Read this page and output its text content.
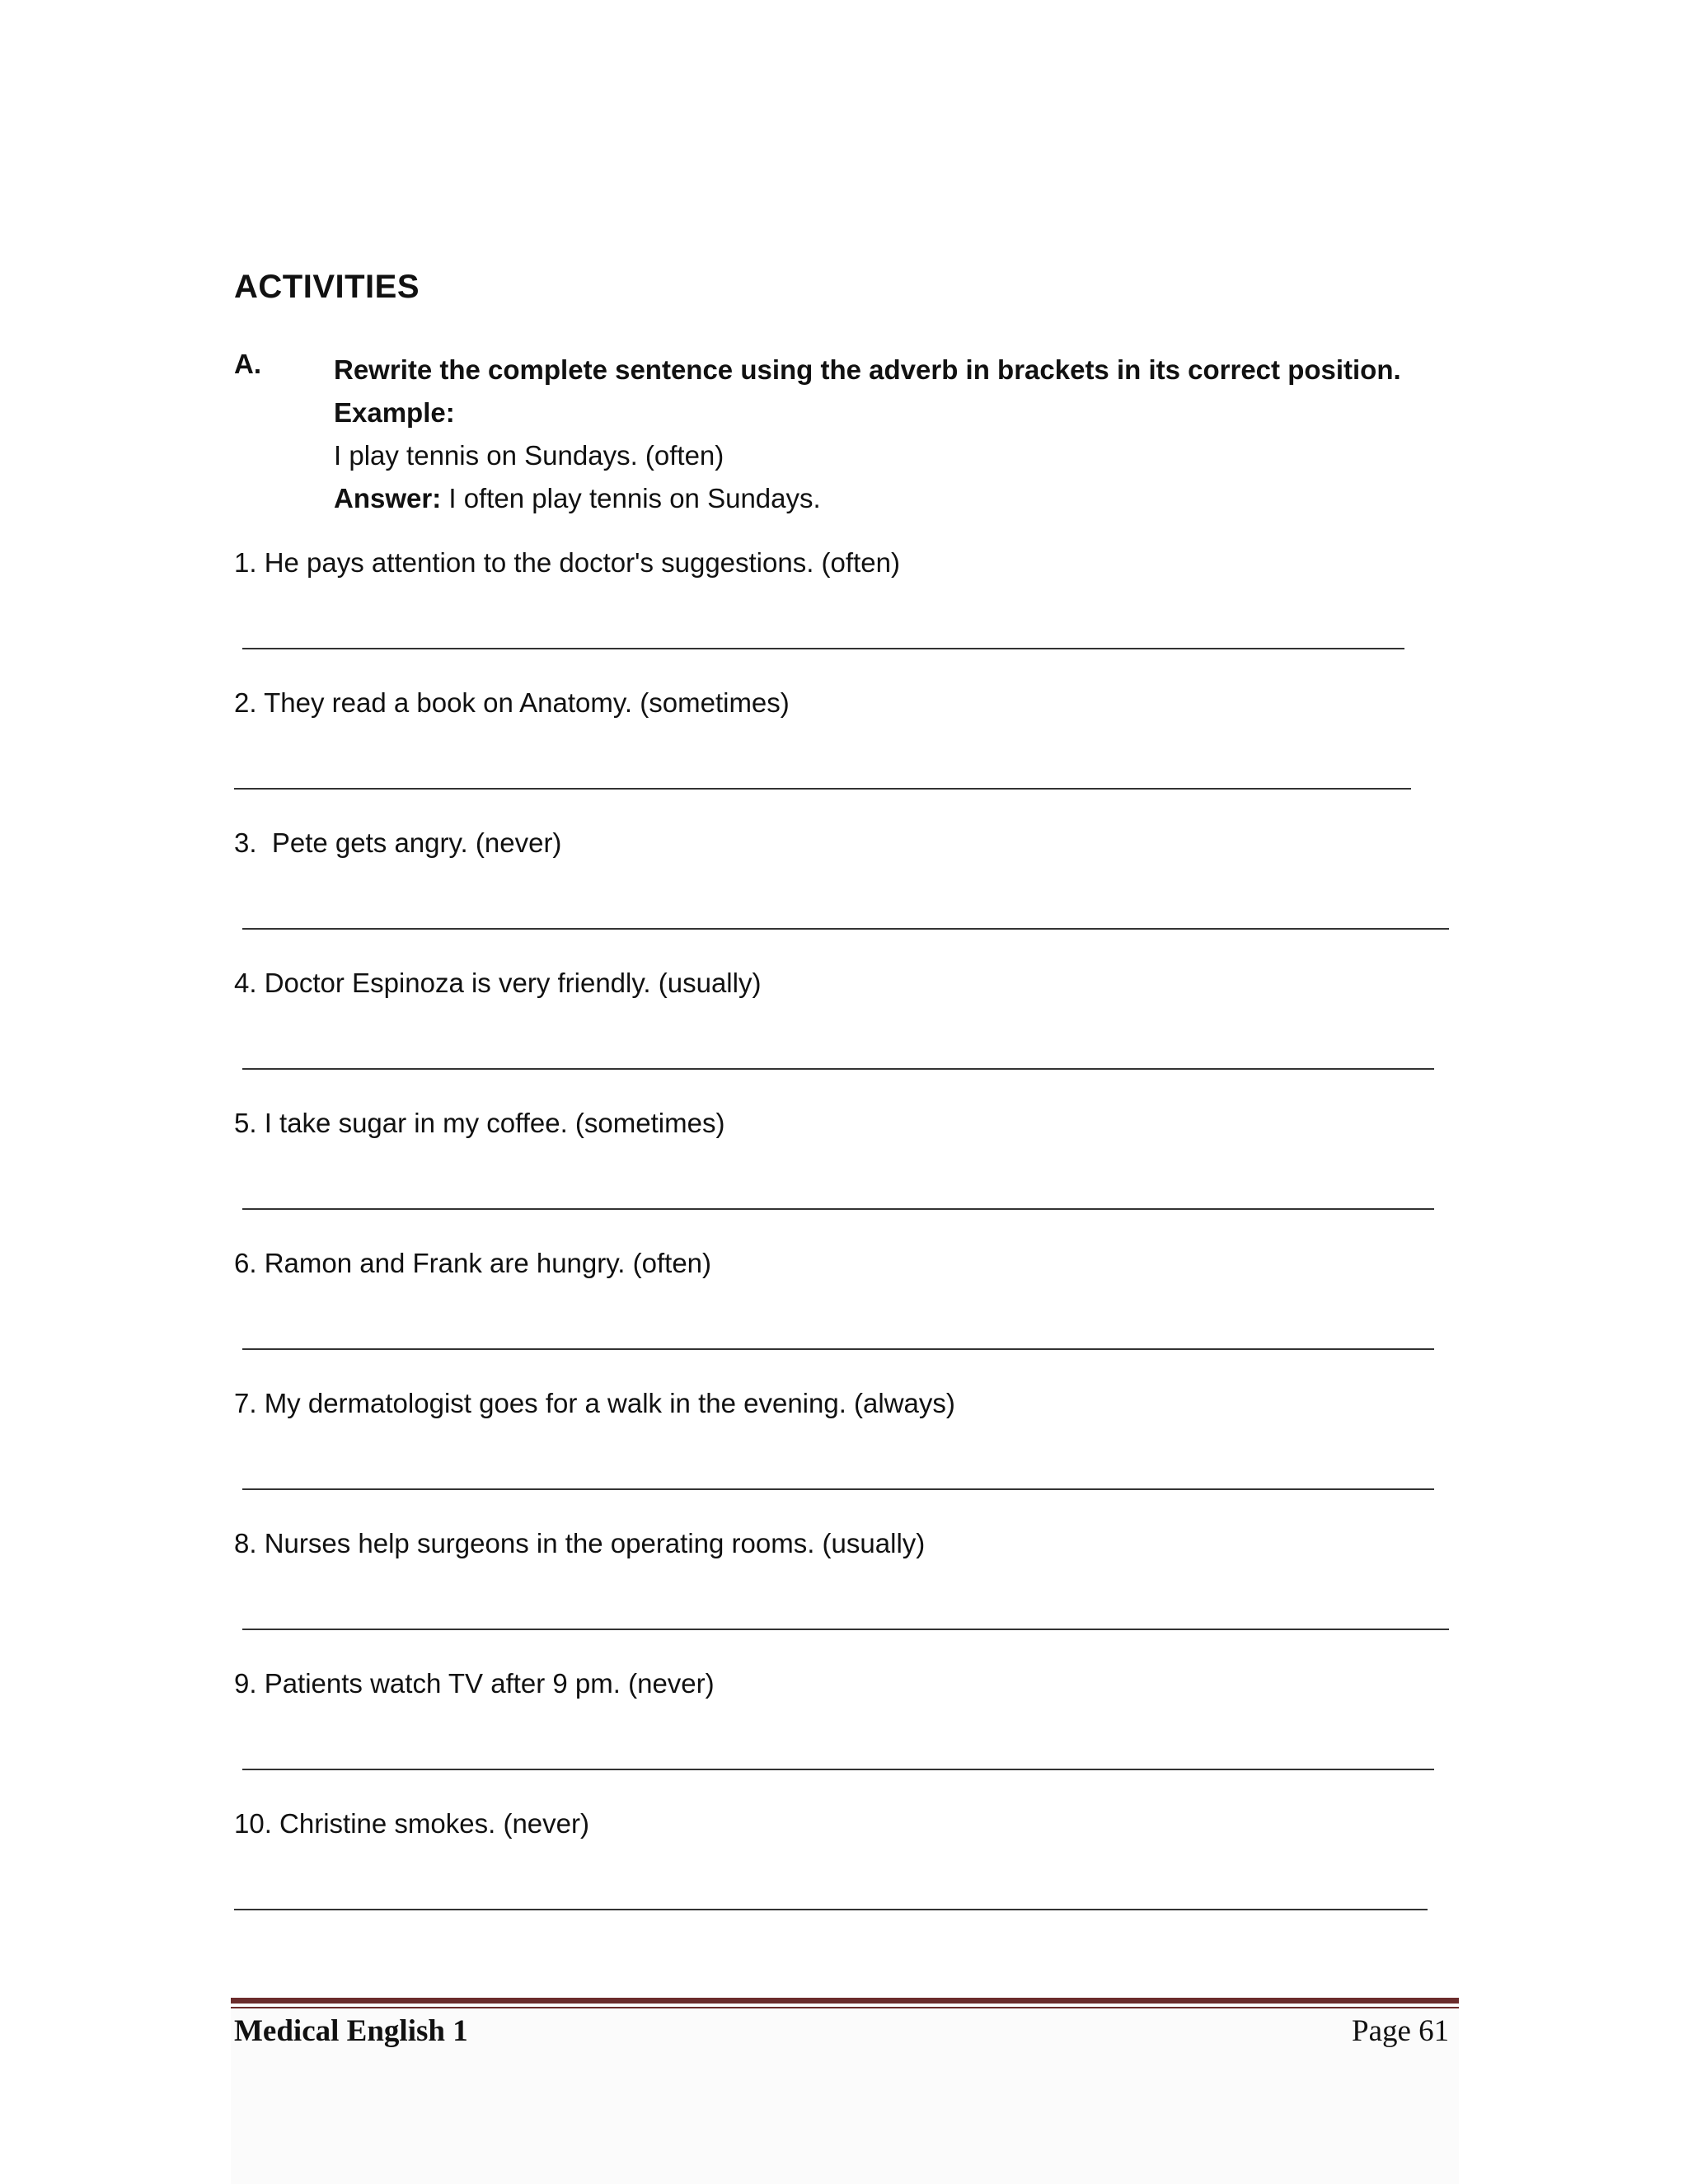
ACTIVITIES
A.	Rewrite the complete sentence using the adverb in brackets in its correct position.
Example:
I play tennis on Sundays. (often)
Answer: I often play tennis on Sundays.
1. He pays attention to the doctor's suggestions. (often)
2. They read a book on Anatomy. (sometimes)
3.  Pete gets angry. (never)
4. Doctor Espinoza is very friendly. (usually)
5. I take sugar in my coffee. (sometimes)
6. Ramon and Frank are hungry. (often)
7. My dermatologist goes for a walk in the evening. (always)
8. Nurses help surgeons in the operating rooms. (usually)
9. Patients watch TV after 9 pm. (never)
10. Christine smokes. (never)
Medical English 1	Page 61
